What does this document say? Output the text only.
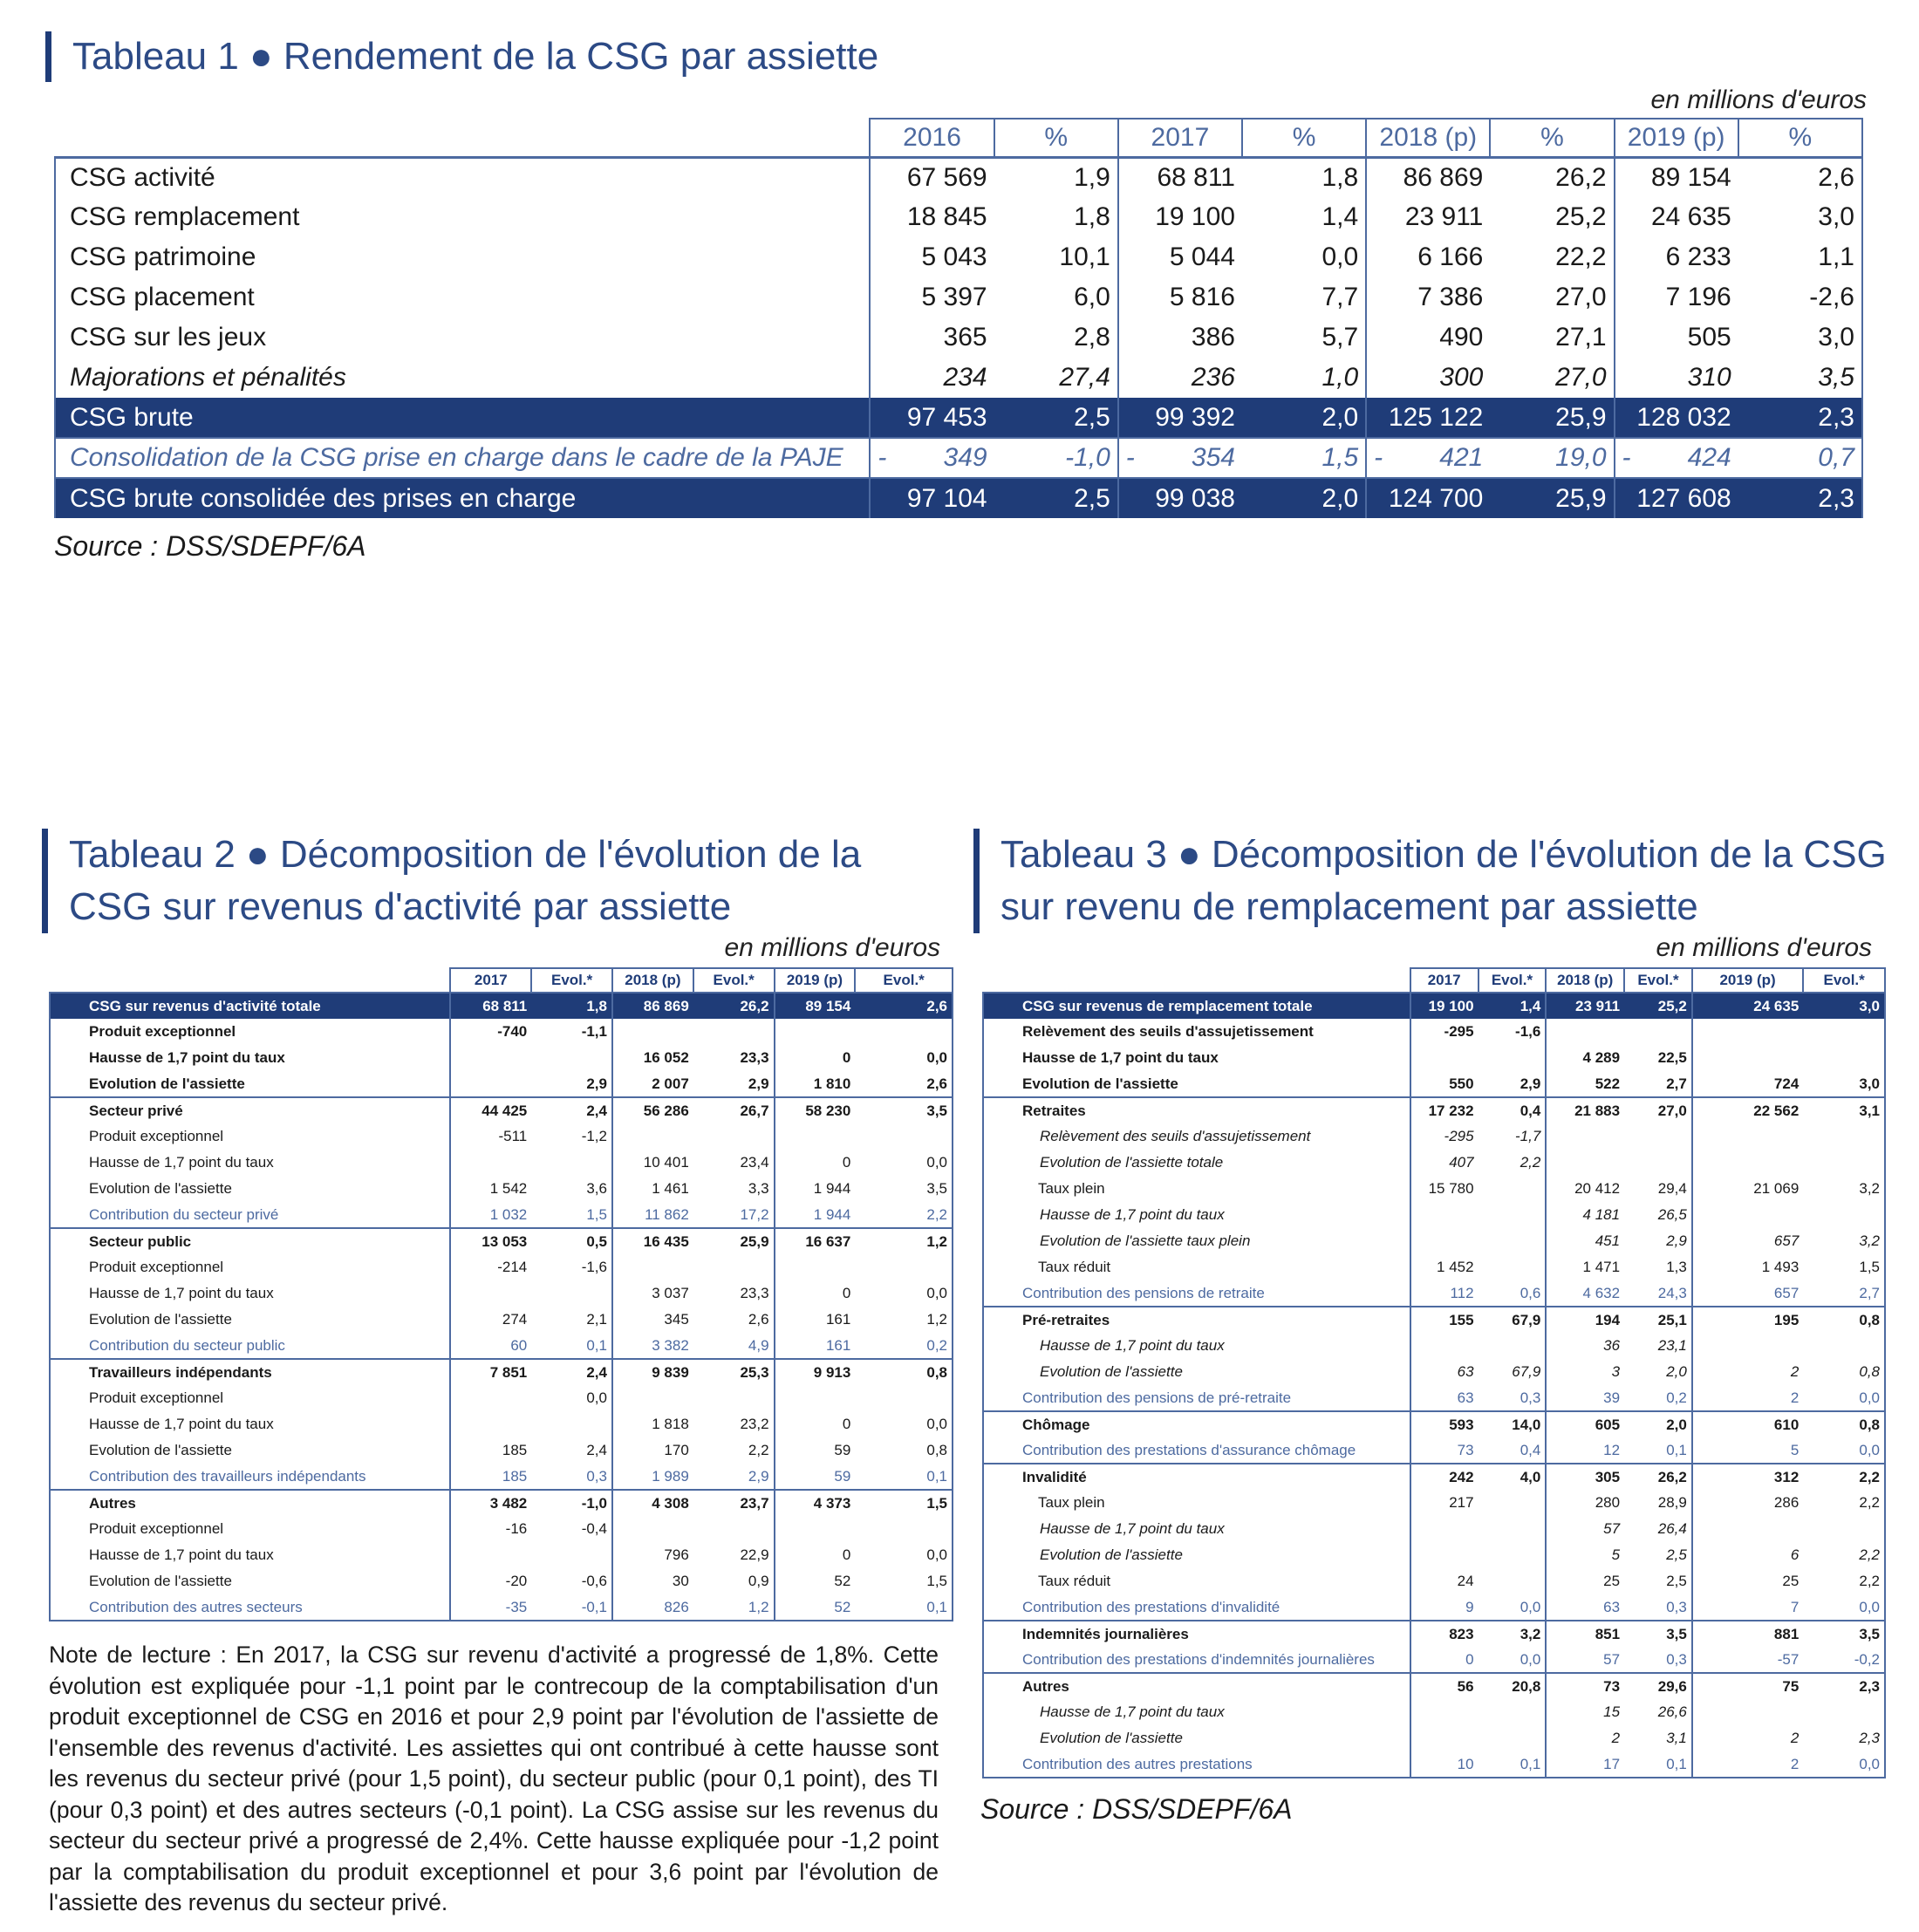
Tableau 1 ● Rendement de la CSG par assiette
en millions d'euros
	2016	%	2017	%	2018 (p)	%	2019 (p)	%
CSG activité	67 569	1,9	68 811	1,8	86 869	26,2	89 154	2,6
CSG remplacement	18 845	1,8	19 100	1,4	23 911	25,2	24 635	3,0
CSG patrimoine	5 043	10,1	5 044	0,0	6 166	22,2	6 233	1,1
CSG placement	5 397	6,0	5 816	7,7	7 386	27,0	7 196	-2,6
CSG sur les jeux	365	2,8	386	5,7	490	27,1	505	3,0
Majorations et pénalités	234	27,4	236	1,0	300	27,0	310	3,5
CSG brute	97 453	2,5	99 392	2,0	125 122	25,9	128 032	2,3
Consolidation de la CSG prise en charge dans le cadre de la PAJE	- 349	-1,0	- 354	1,5	- 421	19,0	- 424	0,7
CSG brute consolidée des prises en charge	97 104	2,5	99 038	2,0	124 700	25,9	127 608	2,3
Source : DSS/SDEPF/6A
Tableau 2 ● Décomposition de l'évolution de la CSG sur revenus d'activité par assiette
en millions d'euros
	2017	Evol.*	2018 (p)	Evol.*	2019 (p)	Evol.*
CSG sur revenus d'activité totale	68 811	1,8	86 869	26,2	89 154	2,6
Produit exceptionnel	-740	-1,1				
Hausse de 1,7 point du taux			16 052	23,3	0	0,0
Evolution de l'assiette		2,9	2 007	2,9	1 810	2,6
Secteur privé	44 425	2,4	56 286	26,7	58 230	3,5
Produit exceptionnel	-511	-1,2				
Hausse de 1,7 point du taux			10 401	23,4	0	0,0
Evolution de l'assiette	1 542	3,6	1 461	3,3	1 944	3,5
Contribution du secteur privé	1 032	1,5	11 862	17,2	1 944	2,2
Secteur public	13 053	0,5	16 435	25,9	16 637	1,2
Produit exceptionnel	-214	-1,6				
Hausse de 1,7 point du taux			3 037	23,3	0	0,0
Evolution de l'assiette	274	2,1	345	2,6	161	1,2
Contribution du secteur public	60	0,1	3 382	4,9	161	0,2
Travailleurs indépendants	7 851	2,4	9 839	25,3	9 913	0,8
Produit exceptionnel		0,0				
Hausse de 1,7 point du taux			1 818	23,2	0	0,0
Evolution de l'assiette	185	2,4	170	2,2	59	0,8
Contribution des travailleurs indépendants	185	0,3	1 989	2,9	59	0,1
Autres	3 482	-1,0	4 308	23,7	4 373	1,5
Produit exceptionnel	-16	-0,4				
Hausse de 1,7 point du taux			796	22,9	0	0,0
Evolution de l'assiette	-20	-0,6	30	0,9	52	1,5
Contribution des autres secteurs	-35	-0,1	826	1,2	52	0,1
Note de lecture : En 2017, la CSG sur revenu d'activité a progressé de 1,8%. Cette évolution est expliquée pour -1,1 point par le contrecoup de la comptabilisation d'un produit exceptionnel de CSG en 2016 et pour 2,9 point par l'évolution de l'assiette de l'ensemble des revenus d'activité. Les assiettes qui ont contribué à cette hausse sont les revenus du secteur privé (pour 1,5 point), du secteur public (pour 0,1 point), des TI (pour 0,3 point) et des autres secteurs (-0,1 point). La CSG assise sur les revenus du secteur du secteur privé a progressé de 2,4%. Cette hausse expliquée pour -1,2 point par la comptabilisation du produit exceptionnel et pour 3,6 point par l'évolution de l'assiette des revenus du secteur privé.
Tableau 3 ● Décomposition de l'évolution de la CSG sur revenu de remplacement par assiette
en millions d'euros
	2017	Evol.*	2018 (p)	Evol.*	2019 (p)	Evol.*
CSG sur revenus de remplacement totale	19 100	1,4	23 911	25,2	24 635	3,0
Relèvement des seuils d'assujetissement	-295	-1,6				
Hausse de 1,7 point du taux			4 289	22,5		
Evolution de l'assiette	550	2,9	522	2,7	724	3,0
Retraites	17 232	0,4	21 883	27,0	22 562	3,1
Relèvement des seuils d'assujetissement	-295	-1,7				
Evolution de l'assiette totale	407	2,2				
Taux plein	15 780		20 412	29,4	21 069	3,2
Hausse de 1,7 point du taux			4 181	26,5		
Evolution de l'assiette taux plein			451	2,9	657	3,2
Taux réduit	1 452		1 471	1,3	1 493	1,5
Contribution des pensions de retraite	112	0,6	4 632	24,3	657	2,7
Pré-retraites	155	67,9	194	25,1	195	0,8
Hausse de 1,7 point du taux			36	23,1		
Evolution de l'assiette	63	67,9	3	2,0	2	0,8
Contribution des pensions de pré-retraite	63	0,3	39	0,2	2	0,0
Chômage	593	14,0	605	2,0	610	0,8
Contribution des prestations d'assurance chômage	73	0,4	12	0,1	5	0,0
Invalidité	242	4,0	305	26,2	312	2,2
Taux plein	217		280	28,9	286	2,2
Hausse de 1,7 point du taux			57	26,4		
Evolution de l'assiette			5	2,5	6	2,2
Taux réduit	24		25	2,5	25	2,2
Contribution des prestations d'invalidité	9	0,0	63	0,3	7	0,0
Indemnités journalières	823	3,2	851	3,5	881	3,5
Contribution des prestations d'indemnités journalières	0	0,0	57	0,3	-57	-0,2
Autres	56	20,8	73	29,6	75	2,3
Hausse de 1,7 point du taux			15	26,6		
Evolution de l'assiette			2	3,1	2	2,3
Contribution des autres prestations	10	0,1	17	0,1	2	0,0
Source : DSS/SDEPF/6A
